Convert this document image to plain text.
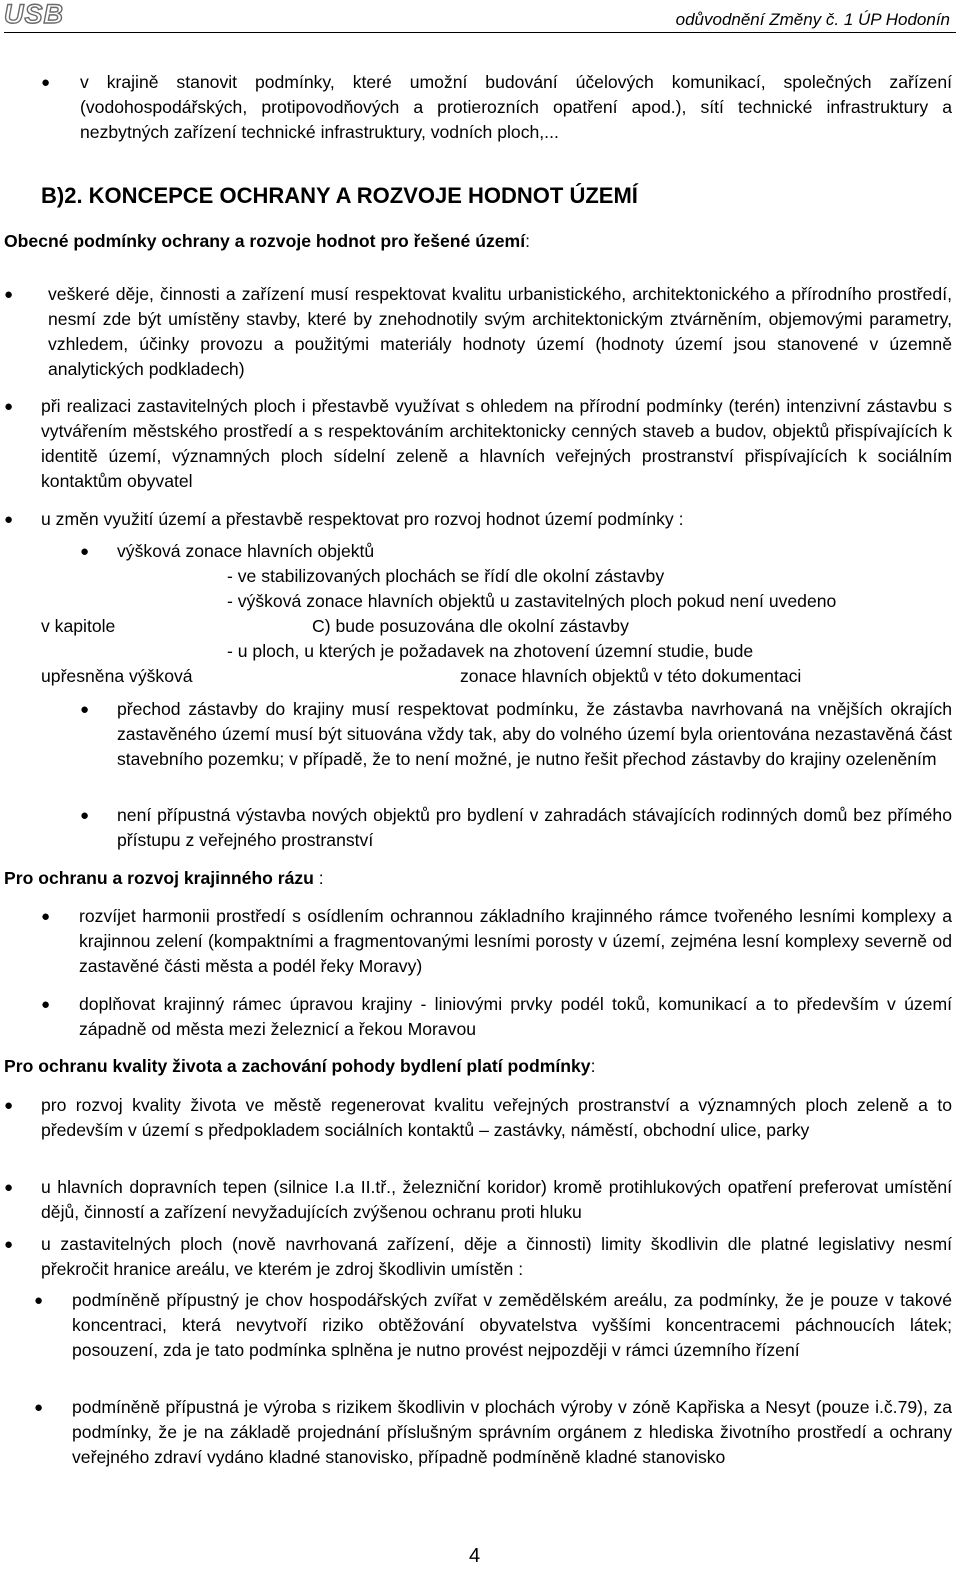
USB	odůvodnění Změny č. 1 ÚP Hodonín
● v krajině stanovit podmínky, které umožní budování účelových komunikací, společných zařízení (vodohospodářských, protipovodňových a protierozních opatření apod.), sítí technické infrastruktury a nezbytných zařízení technické infrastruktury, vodních ploch,...
B)2. KONCEPCE OCHRANY A ROZVOJE HODNOT ÚZEMÍ
Obecné podmínky ochrany a rozvoje hodnot pro řešené území:
● veškeré děje, činnosti a zařízení musí respektovat kvalitu urbanistického, architektonického a přírodního prostředí, nesmí zde být umístěny stavby, které by znehodnotily svým architektonickým ztvárněním, objemovými parametry, vzhledem, účinky provozu a použitými materiály hodnoty území (hodnoty území jsou stanovené v územně analytických podkladech)
● při realizaci zastavitelných ploch i přestavbě využívat s ohledem na přírodní podmínky (terén) intenzivní zástavbu s vytvářením městského prostředí a s respektováním architektonicky cenných staveb a budov, objektů přispívajících k identitě území, významných ploch sídelní zeleně a hlavních veřejných prostranství přispívajících k sociálním kontaktům obyvatel
● u změn využití území a přestavbě respektovat pro rozvoj hodnot území podmínky :
● výšková zonace hlavních objektů
- ve stabilizovaných plochách se řídí dle okolní zástavby
- výšková zonace hlavních objektů u zastavitelných ploch pokud není uvedeno
v kapitole	C) bude posuzována dle okolní zástavby
- u ploch, u kterých je požadavek na zhotovení územní studie, bude
upřesněna výšková	zonace hlavních objektů v této dokumentaci
● přechod zástavby do krajiny musí respektovat podmínku, že zástavba navrhovaná na vnějších okrajích zastavěného území musí být situována vždy tak, aby do volného území byla orientována nezastavěná část stavebního pozemku; v případě, že to není možné, je nutno řešit přechod zástavby do krajiny ozeleněním
● není přípustná výstavba nových objektů pro bydlení v zahradách stávajících rodinných domů bez přímého přístupu z veřejného prostranství
Pro ochranu a rozvoj krajinného rázu :
● rozvíjet harmonii prostředí s osídlením ochrannou základního krajinného rámce tvořeného lesními komplexy a krajinnou zelení (kompaktními a fragmentovanými lesními porosty v území, zejména lesní komplexy severně od zastavěné části města a podél řeky Moravy)
● doplňovat krajinný rámec úpravou krajiny - liniovými prvky podél toků, komunikací a to především v území západně od města mezi železnicí a řekou Moravou
Pro ochranu kvality života a zachování pohody bydlení platí podmínky:
● pro rozvoj kvality života ve městě regenerovat kvalitu veřejných prostranství a významných ploch zeleně a to především v území s předpokladem sociálních kontaktů – zastávky, náměstí, obchodní ulice, parky
● u hlavních dopravních tepen (silnice I.a II.tř., železniční koridor) kromě protihlukových opatření preferovat umístění dějů, činností a zařízení nevyžadujících zvýšenou ochranu proti hluku
● u zastavitelných ploch (nově navrhovaná zařízení, děje a činnosti) limity škodlivin dle platné legislativy nesmí překročit hranice areálu, ve kterém je zdroj škodlivin umístěn :
● podmíněně přípustný je chov hospodářských zvířat v zemědělském areálu, za podmínky, že je pouze v takové koncentraci, která nevytvoří riziko obtěžování obyvatelstva vyššími koncentracemi páchnoucích látek; posouzení, zda je tato podmínka splněna je nutno provést nejpozději v rámci územního řízení
● podmíněně přípustná je výroba s rizikem škodlivin v plochách výroby v zóně Kapřiska a Nesyt (pouze i.č.79), za podmínky, že je na základě projednání příslušným správním orgánem z hlediska životního prostředí a ochrany veřejného zdraví vydáno kladné stanovisko, případně podmíněně kladné stanovisko
4
